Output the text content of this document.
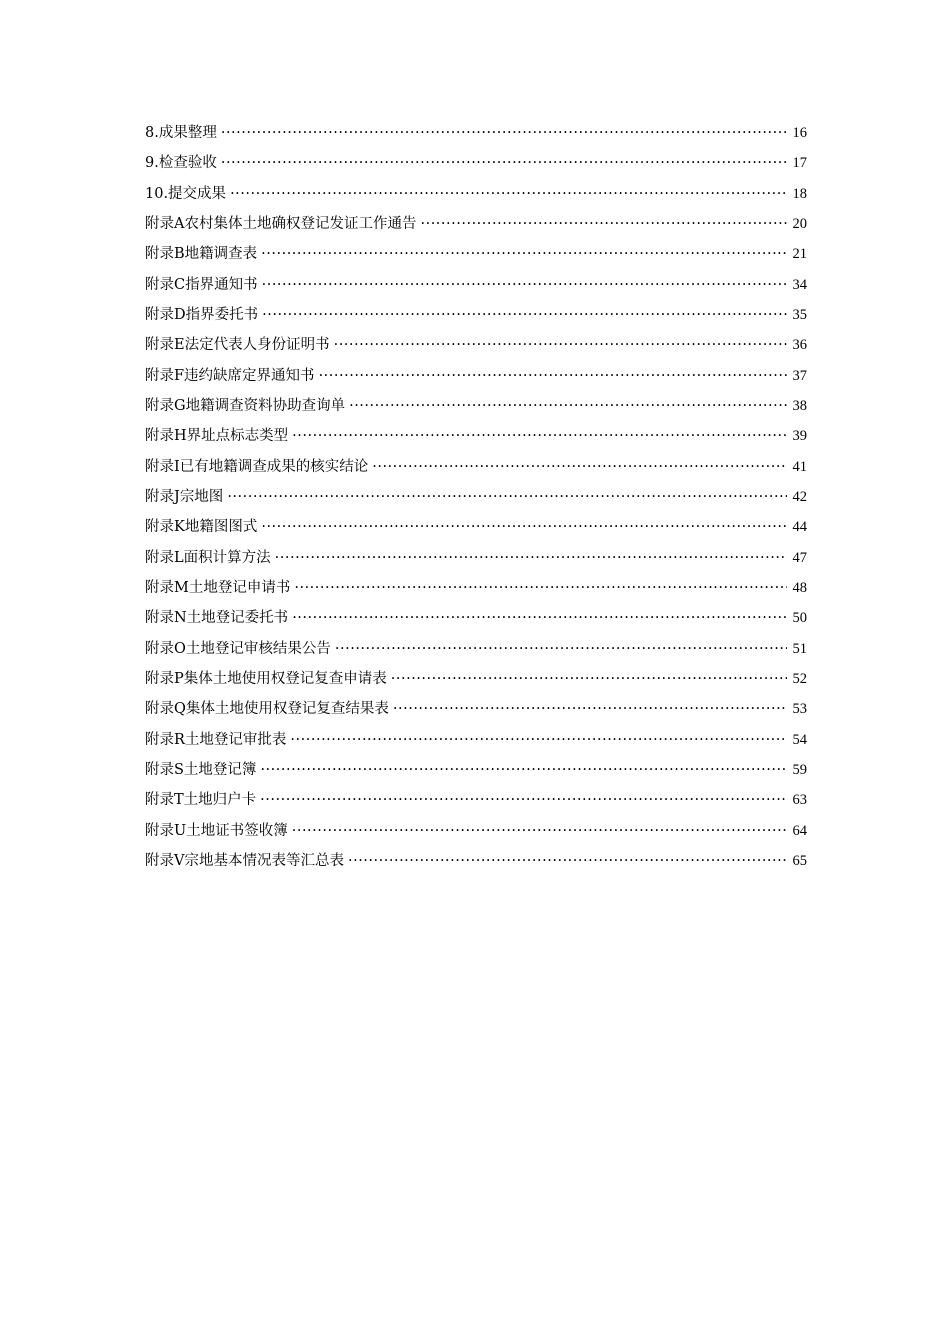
8.成果整理 ·····	16
9.检查验收 ·····	17
10.提交成果 ·····	18
附录A农村集体土地确权登记发证工作通告 ·····	20
附录B地籍调查表 ·····	21
附录C指界通知书 ·····	34
附录D指界委托书 ·····	35
附录E法定代表人身份证明书 ·····	36
附录F违约缺席定界通知书 ·····	37
附录G地籍调查资料协助查询单 ·····	38
附录H界址点标志类型 ·····	39
附录I已有地籍调查成果的核实结论 ·····	41
附录J宗地图 ·····	42
附录K地籍图图式 ·····	44
附录L面积计算方法 ·····	47
附录M土地登记申请书 ·····	48
附录N土地登记委托书 ·····	50
附录O土地登记审核结果公告 ·····	51
附录P集体土地使用权登记复查申请表 ·····	52
附录Q集体土地使用权登记复查结果表 ·····	53
附录R土地登记审批表 ·····	54
附录S土地登记簿 ·····	59
附录T土地归户卡 ·····	63
附录U土地证书签收簿 ·····	64
附录V宗地基本情况表等汇总表 ·····	65
